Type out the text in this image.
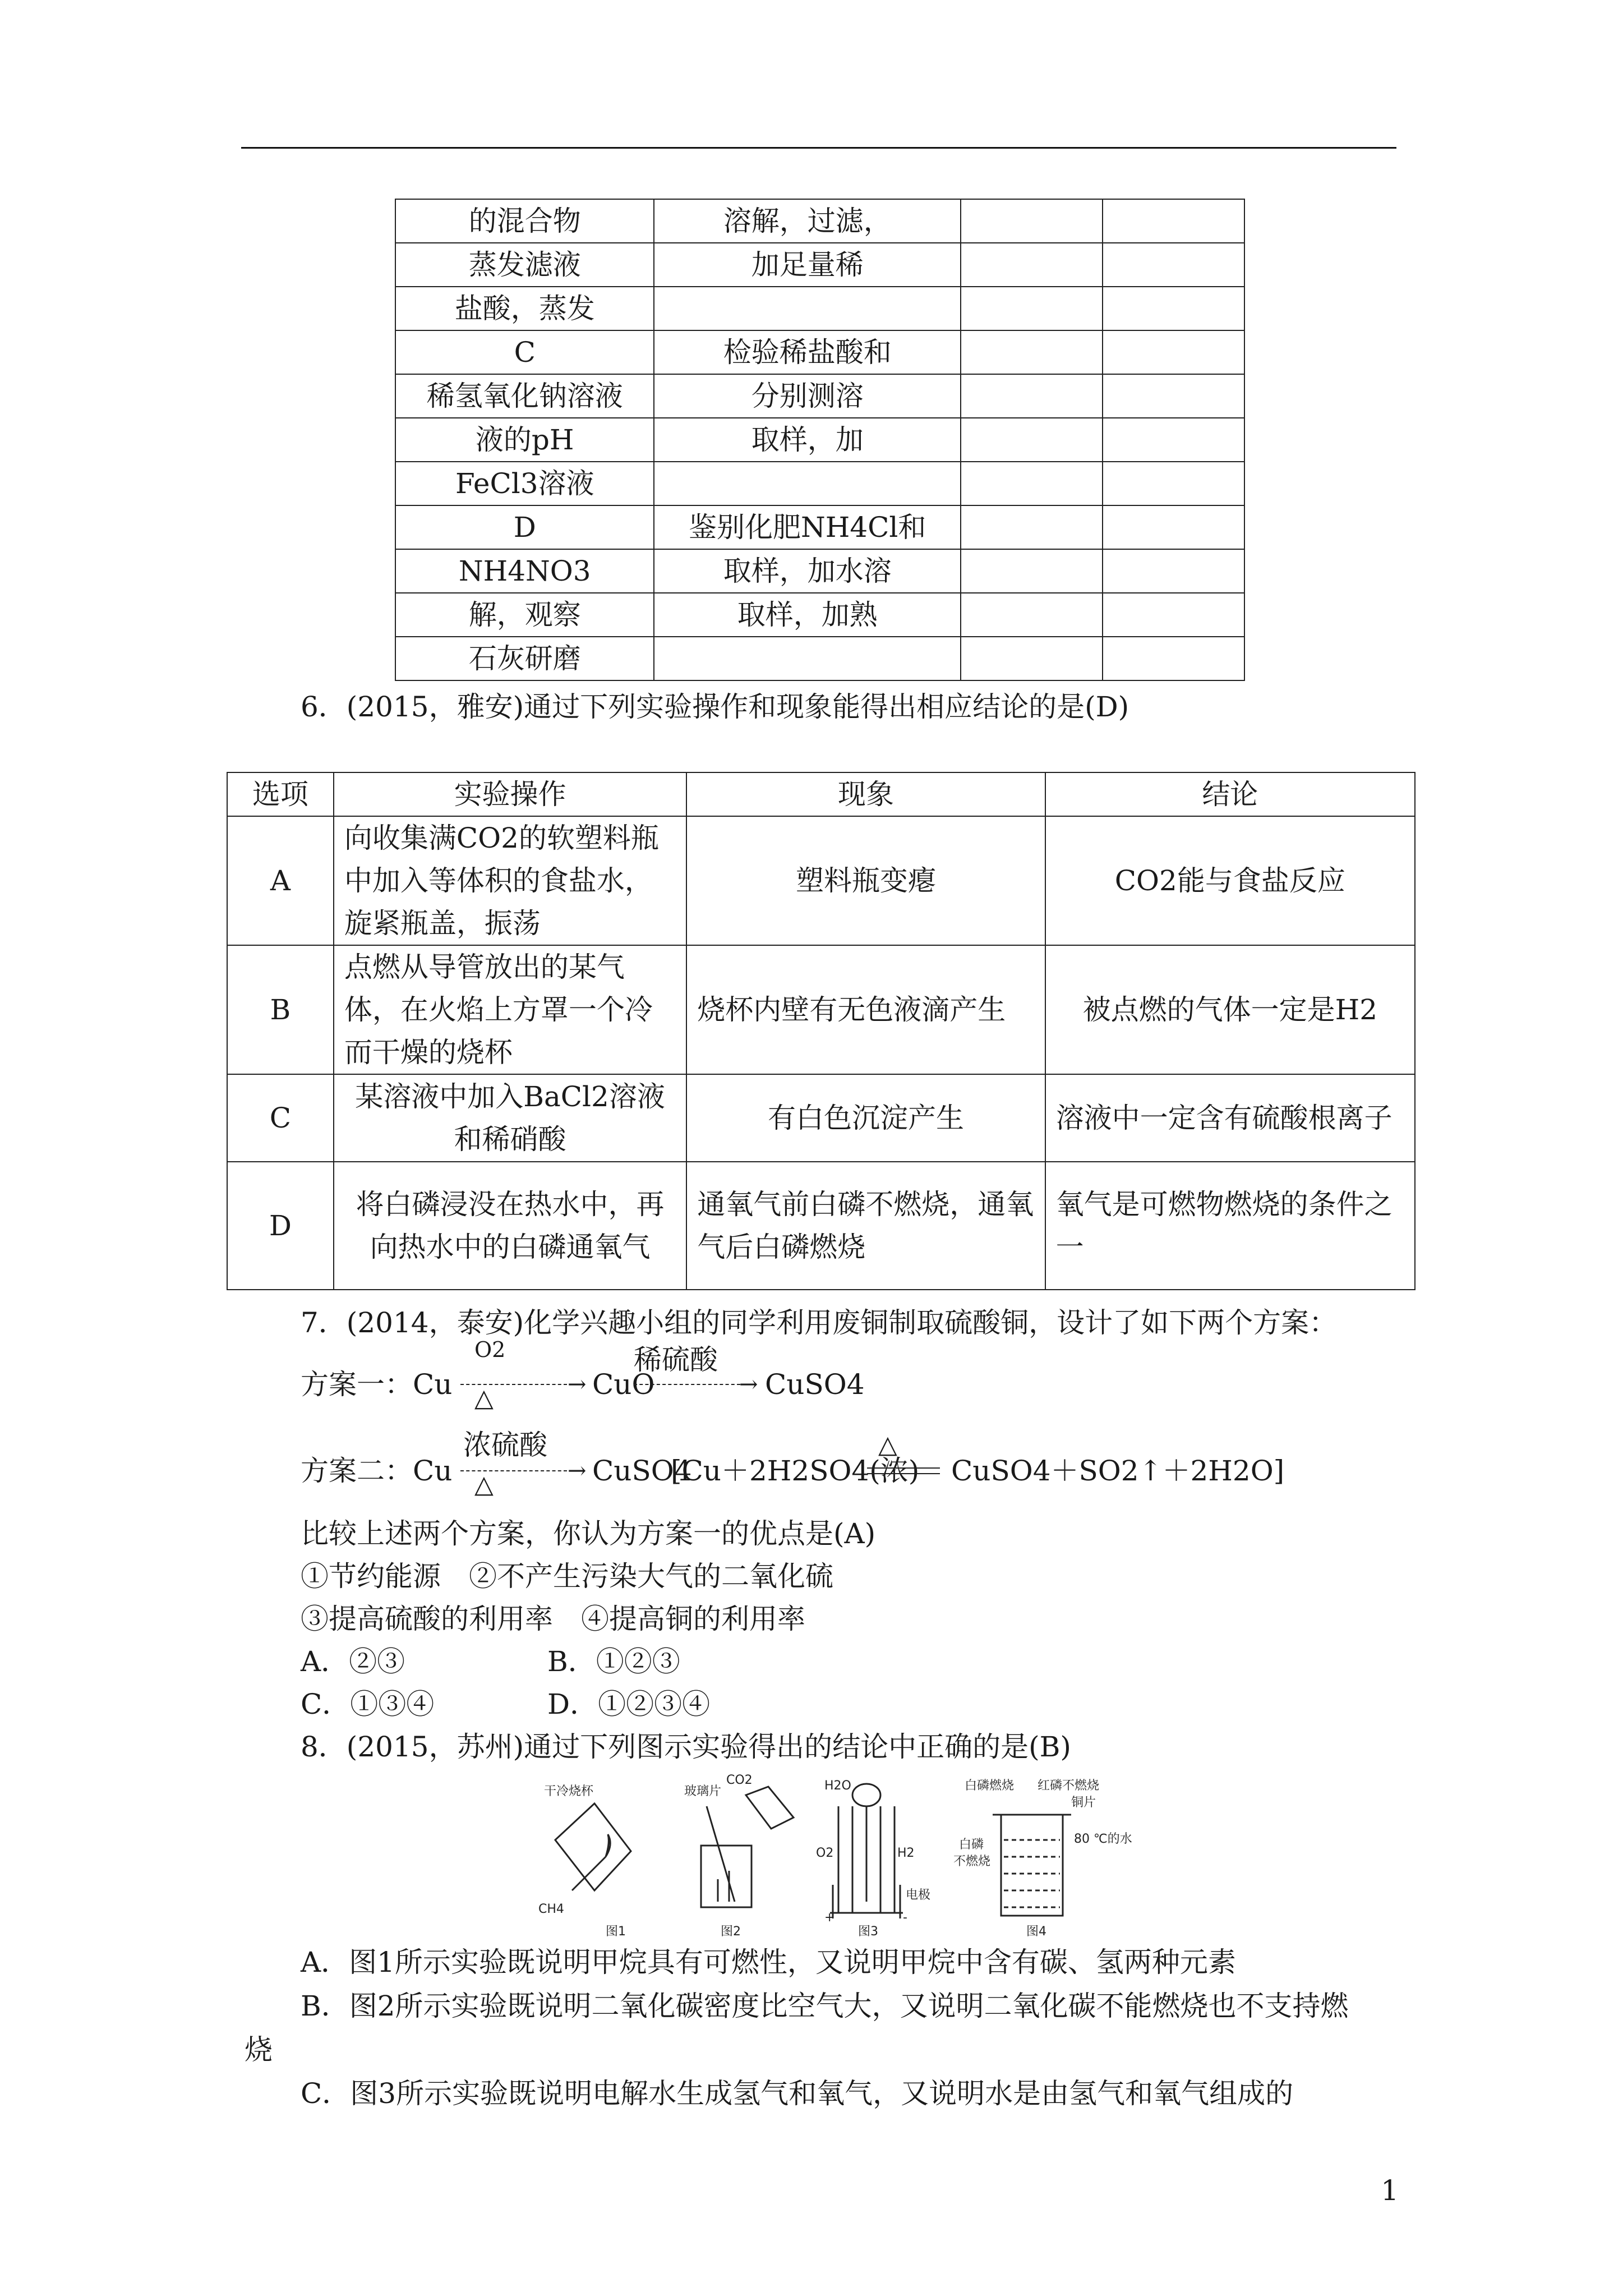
的混合物	溶解，过滤，		
蒸发滤液	加足量稀		
盐酸，蒸发			
C	检验稀盐酸和		
稀氢氧化钠溶液	分别测溶		
液的pH	取样，加		
FeCl3溶液			
D	鉴别化肥NH4Cl和		
NH4NO3	取样，加水溶		
解，观察	取样，加熟		
石灰研磨			
6．(2015，雅安)通过下列实验操作和现象能得出相应结论的是(D)
选项	实验操作	现象	结论
A	向收集满CO2的软塑料瓶中加入等体积的食盐水，旋紧瓶盖，振荡	塑料瓶变瘪	CO2能与食盐反应
B	点燃从导管放出的某气体，在火焰上方罩一个冷而干燥的烧杯	烧杯内壁有无色液滴产生	被点燃的气体一定是H2
C	某溶液中加入BaCl2溶液和稀硝酸	有白色沉淀产生	溶液中一定含有硫酸根离子
D	将白磷浸没在热水中，再向热水中的白磷通氧气	通氧气前白磷不燃烧，通氧气后白磷燃烧	氧气是可燃物燃烧的条件之一
7．(2014，泰安)化学兴趣小组的同学利用废铜制取硫酸铜，设计了如下两个方案：
方案一：Cu
O2
△	→ CuO
稀硫酸
→ CuSO4
方案二：Cu
浓硫酸
△	→ CuSO4
[Cu＋2H2SO4(浓)
△
CuSO4＋SO2↑＋2H2O]
比较上述两个方案，你认为方案一的优点是(A)
①节约能源　②不产生污染大气的二氧化硫
③提高硫酸的利用率　④提高铜的利用率
A．②③	B．①②③
C．①③④	D．①②③④
8．(2015，苏州)通过下列图示实验得出的结论中正确的是(B)
干冷烧杯
CH4
图1
玻璃片
CO2
图2
H2O
O2	H2
电极
+	-
图3
白磷燃烧 红磷不燃烧
铜片
白磷
不燃烧
80 ℃的水
图4
A．图1所示实验既说明甲烷具有可燃性，又说明甲烷中含有碳、氢两种元素
B．图2所示实验既说明二氧化碳密度比空气大，又说明二氧化碳不能燃烧也不支持燃
烧
C．图3所示实验既说明电解水生成氢气和氧气，又说明水是由氢气和氧气组成的
1
